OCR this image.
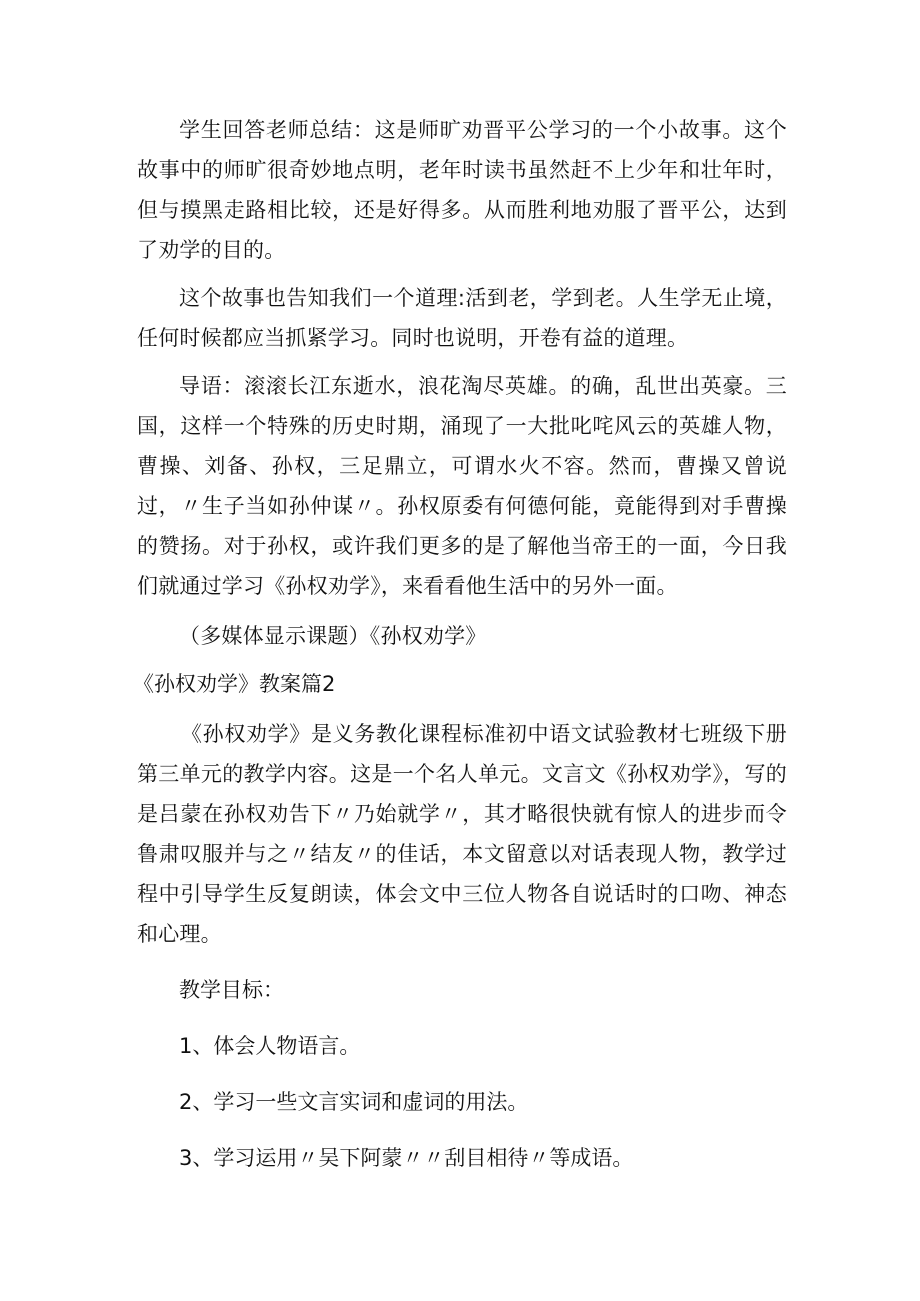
学生回答老师总结：这是师旷劝晋平公学习的一个小故事。这个故事中的师旷很奇妙地点明，老年时读书虽然赶不上少年和壮年时，但与摸黑走路相比较，还是好得多。从而胜利地劝服了晋平公，达到了劝学的目的。

这个故事也告知我们一个道理:活到老，学到老。人生学无止境，任何时候都应当抓紧学习。同时也说明，开卷有益的道理。

导语：滚滚长江东逝水，浪花淘尽英雄。的确，乱世出英豪。三国，这样一个特殊的历史时期，涌现了一大批叱咤风云的英雄人物，曹操、刘备、孙权，三足鼎立，可谓水火不容。然而，曹操又曾说过，〃生子当如孙仲谋〃。孙权原委有何德何能，竟能得到对手曹操的赞扬。对于孙权，或许我们更多的是了解他当帝王的一面，今日我们就通过学习《孙权劝学》，来看看他生活中的另外一面。

（多媒体显示课题）《孙权劝学》

《孙权劝学》教案篇2

《孙权劝学》是义务教化课程标准初中语文试验教材七班级下册第三单元的教学内容。这是一个名人单元。文言文《孙权劝学》，写的是吕蒙在孙权劝告下〃乃始就学〃，其才略很快就有惊人的进步而令鲁肃叹服并与之〃结友〃的佳话，本文留意以对话表现人物，教学过程中引导学生反复朗读，体会文中三位人物各自说话时的口吻、神态和心理。

教学目标：

1、体会人物语言。

2、学习一些文言实词和虚词的用法。

3、学习运用〃吴下阿蒙〃〃刮目相待〃等成语。
